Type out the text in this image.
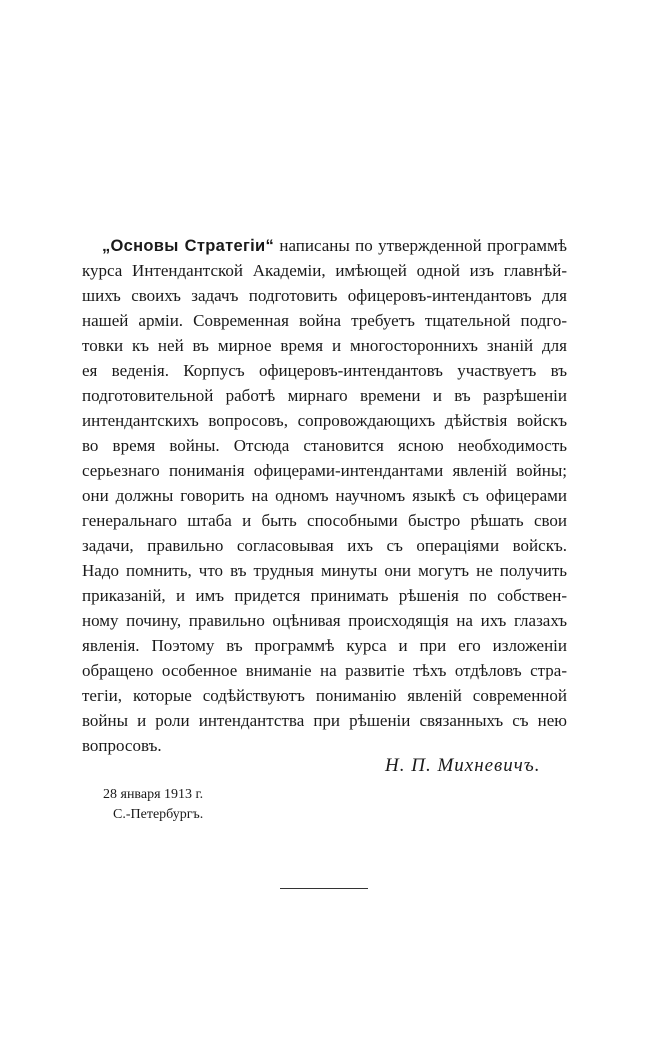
„Основы Стратегіи“ написаны по утвержденной программѣ
курса Интендантской Академіи, имѣющей одной изъ главнѣй-
шихъ своихъ задачъ подготовить офицеровъ-интендантовъ для
нашей арміи. Современная война требуетъ тщательной подго-
товки къ ней въ мирное время и многостороннихъ знаній для
ея веденія. Корпусъ офицеровъ-интендантовъ участвуетъ въ
подготовительной работѣ мирнаго времени и въ разрѣшеніи
интендантскихъ вопросовъ, сопровождающихъ дѣйствія войскъ
во время войны. Отсюда становится ясною необходимость
серьезнаго пониманія офицерами-интендантами явленій войны;
они должны говорить на одномъ научномъ языкѣ съ офицерами
генеральнаго штаба и быть способными быстро рѣшать свои
задачи, правильно согласовывая ихъ съ операціями войскъ.
Надо помнить, что въ трудныя минуты они могутъ не получить
приказаній, и имъ придется принимать рѣшенія по собствен-
ному почину, правильно оцѣнивая происходящія на ихъ глазахъ
явленія. Поэтому въ программѣ курса и при его изложеніи
обращено особенное вниманіе на развитіе тѣхъ отдѣловъ стра-
тегіи, которые содѣйствуютъ пониманію явленій современной
войны и роли интендантства при рѣшеніи связанныхъ съ нею
вопросовъ.
Н. П. Михневичъ.
28 января 1913 г.
С.-Петербургъ.
